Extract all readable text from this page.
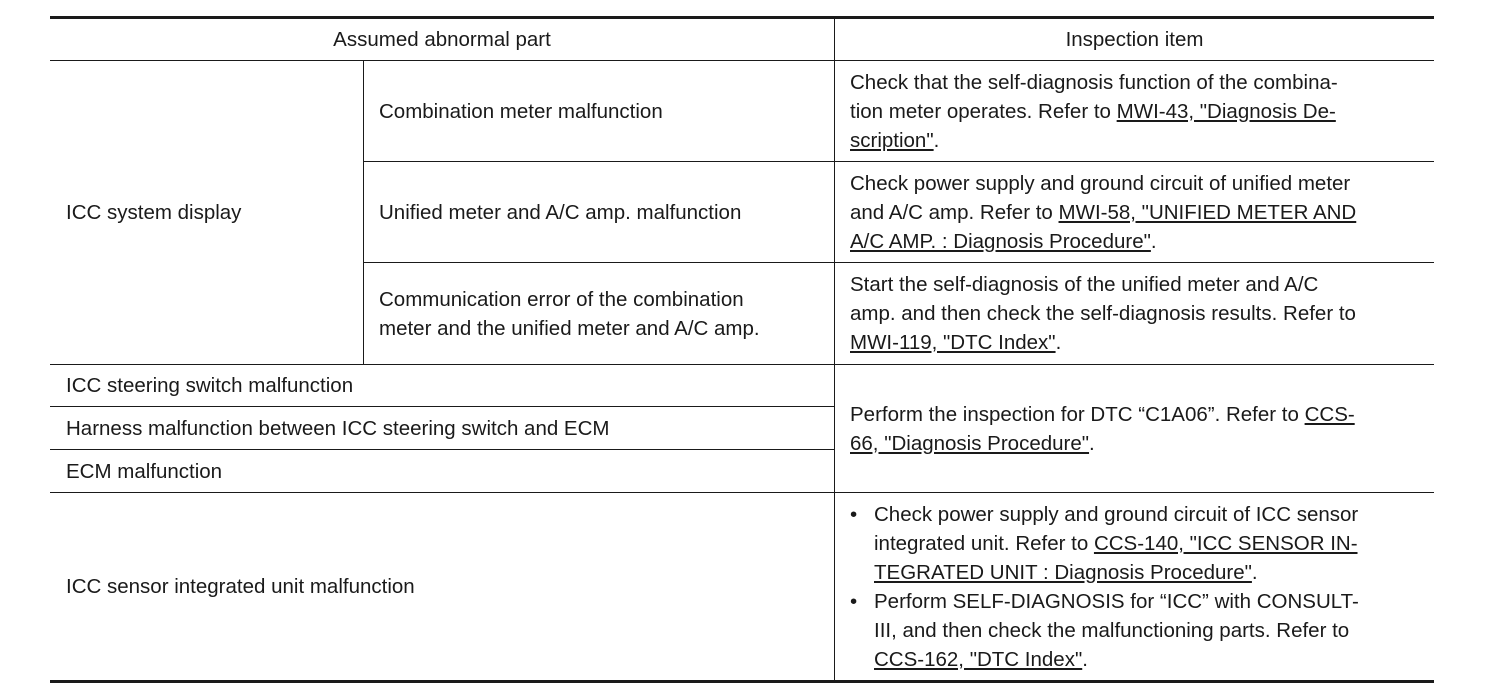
Assumed abnormal part	Inspection item
ICC system display
Combination meter malfunction
Check that the self-diagnosis function of the combina-
tion meter operates. Refer to MWI-43, "Diagnosis De-
scription".
Unified meter and A/C amp. malfunction
Check power supply and ground circuit of unified meter
and A/C amp. Refer to MWI-58, "UNIFIED METER AND
A/C AMP. : Diagnosis Procedure".
Communication error of the combination
meter and the unified meter and A/C amp.
Start the self-diagnosis of the unified meter and A/C
amp. and then check the self-diagnosis results. Refer to
MWI-119, "DTC Index".
ICC steering switch malfunction
Harness malfunction between ICC steering switch and ECM
ECM malfunction
Perform the inspection for DTC “C1A06”. Refer to CCS-
66, "Diagnosis Procedure".
ICC sensor integrated unit malfunction
• Check power supply and ground circuit of ICC sensor
integrated unit. Refer to CCS-140, "ICC SENSOR IN-
TEGRATED UNIT : Diagnosis Procedure".
• Perform SELF-DIAGNOSIS for “ICC” with CONSULT-
III, and then check the malfunctioning parts. Refer to
CCS-162, "DTC Index".
